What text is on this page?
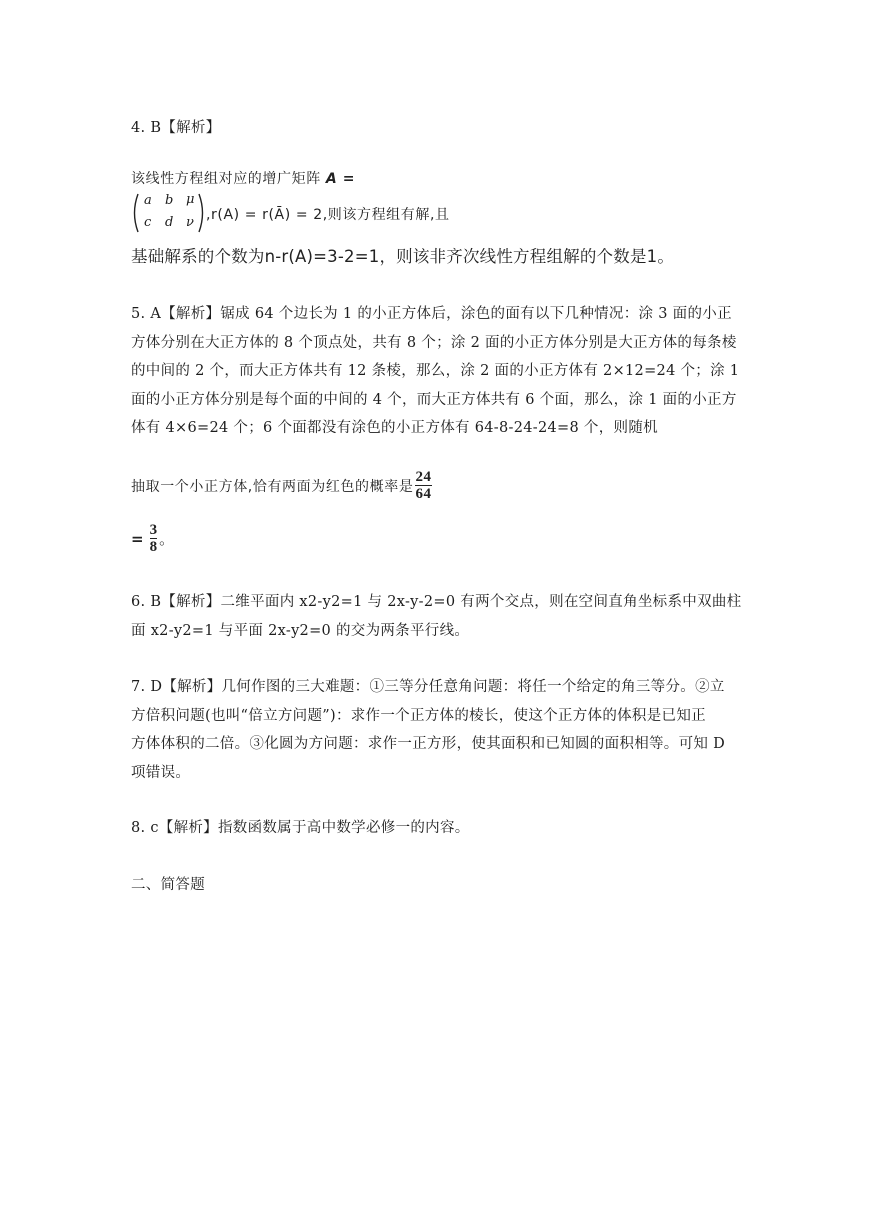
4. B【解析】
该线性方程组对应的增广矩阵 A =
a b μ
c d ν ,r(A) = r(Ā) = 2,则该方程组有解,且
基础解系的个数为n-r(A)=3-2=1，则该非齐次线性方程组解的个数是1。
5. A【解析】锯成 64 个边长为 1 的小正方体后，涂色的面有以下几种情况：涂 3 面的小正
方体分别在大正方体的 8 个顶点处，共有 8 个；涂 2 面的小正方体分别是大正方体的每条棱
的中间的 2 个，而大正方体共有 12 条棱，那么，涂 2 面的小正方体有 2×12=24 个；涂 1
面的小正方体分别是每个面的中间的 4 个，而大正方体共有 6 个面，那么，涂 1 面的小正方
体有 4×6=24 个；6 个面都没有涂色的小正方体有 64-8-24-24=8 个，则随机
抽取一个小正方体,恰有两面为红色的概率是 $\frac{24}{64}$
= $\frac{3}{8}$ 。
6. B【解析】二维平面内 x2-y2=1 与 2x-y-2=0 有两个交点，则在空间直角坐标系中双曲柱
面 x2-y2=1 与平面 2x-y2=0 的交为两条平行线。
7. D【解析】几何作图的三大难题：①三等分任意角问题：将任一个给定的角三等分。②立
方倍积问题(也叫“倍立方问题”)：求作一个正方体的棱长，使这个正方体的体积是已知正
方体体积的二倍。③化圆为方问题：求作一正方形，使其面积和已知圆的面积相等。可知 D
项错误。
8. c【解析】指数函数属于高中数学必修一的内容。
二、简答题
